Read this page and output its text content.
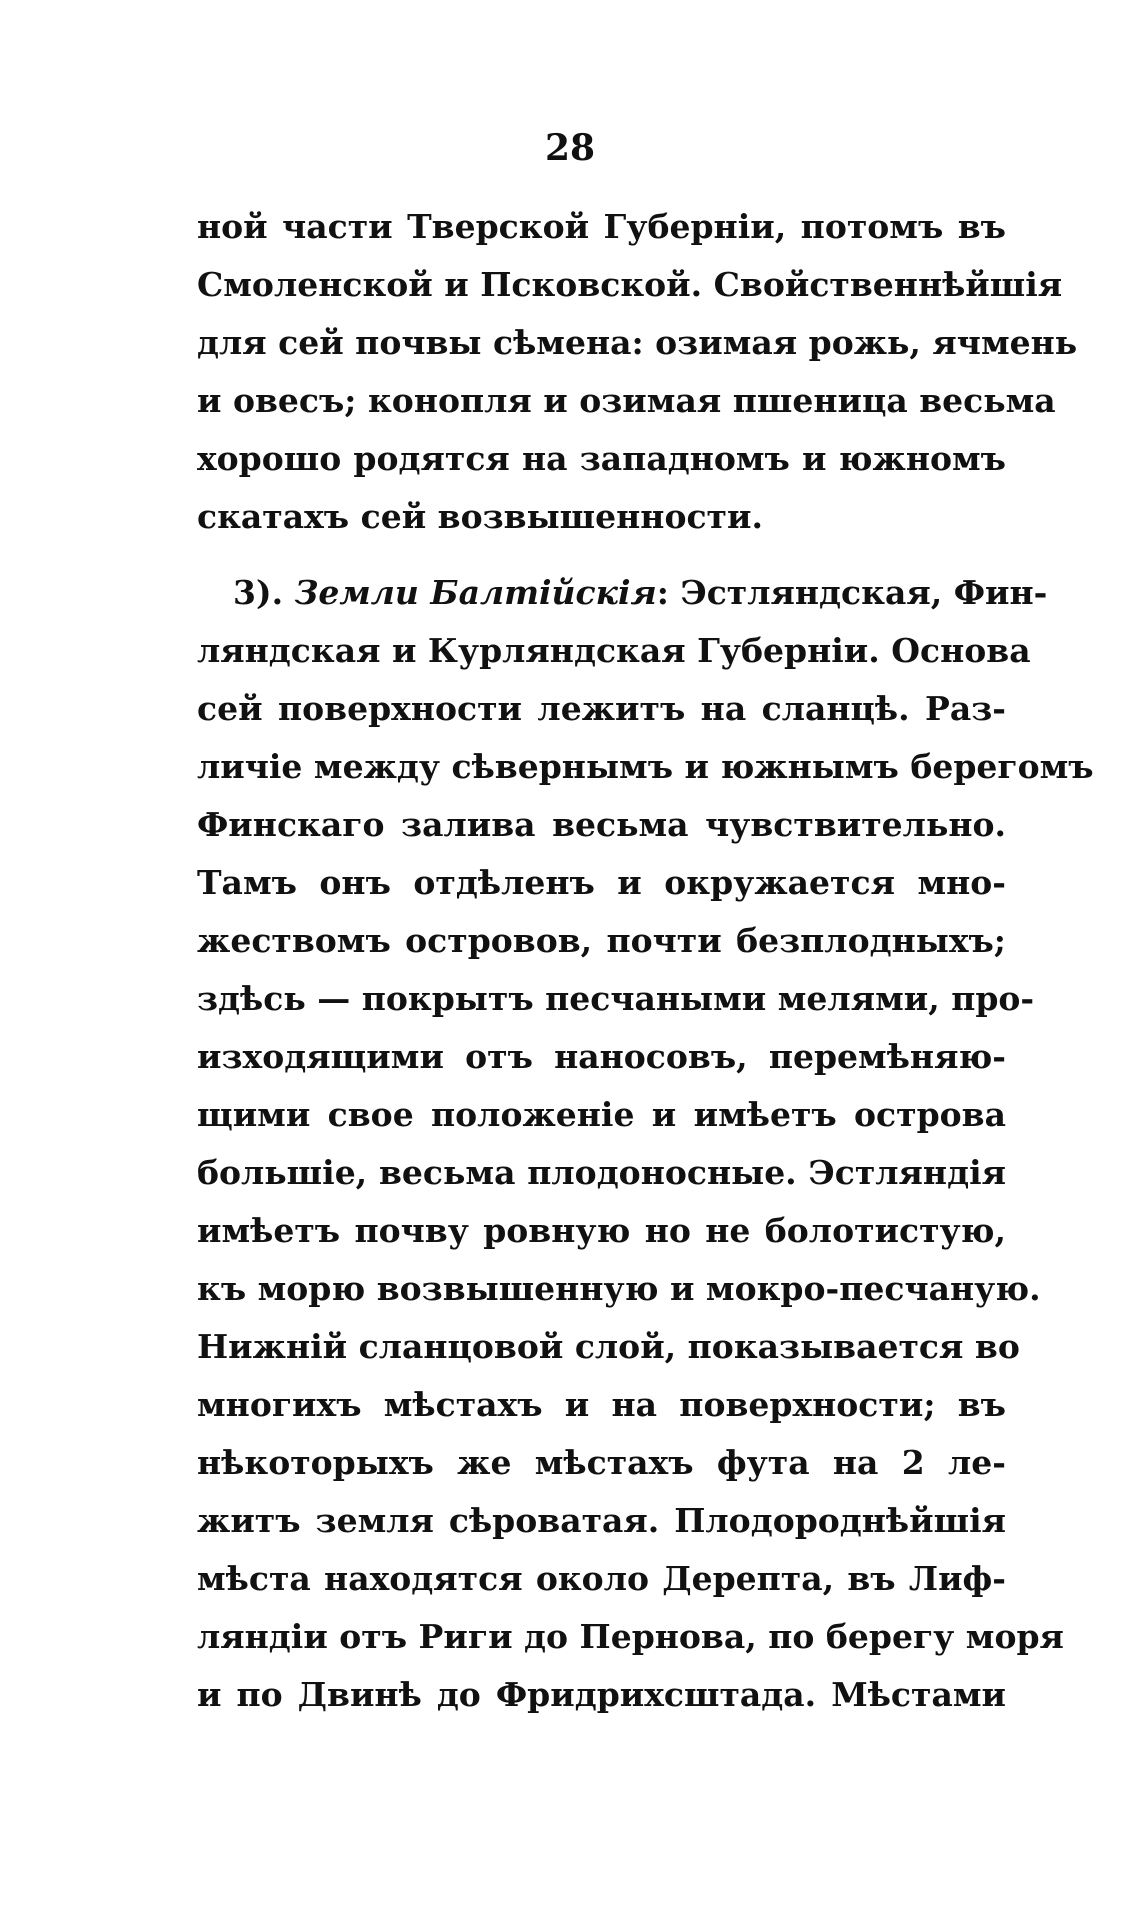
28
ной части Тверской Губерніи, потомъ въ
Смоленской и Псковской. Свойственнѣйшія
для сей почвы сѣмена: озимая рожь, ячмень
и овесъ; конопля и озимая пшеница весьма
хорошо родятся на западномъ и южномъ
скатахъ сей возвышенности.
3). Земли Балтійскія: Эстляндская, Фин-
ляндская и Курляндская Губерніи. Основа
сей поверхности лежитъ на сланцѣ. Раз-
личіе между сѣвернымъ и южнымъ берегомъ
Финскаго залива весьма чувствительно.
Тамъ онъ отдѣленъ и окружается мно-
жествомъ островов, почти безплодныхъ;
здѣсь — покрытъ песчаными мелями, про-
изходящими отъ наносовъ, перемѣняю-
щими свое положеніе и имѣетъ острова
большіе, весьма плодоносные. Эстляндія
имѣетъ почву ровную но не болотистую,
къ морю возвышенную и мокро-песчаную.
Нижній сланцовой слой, показывается во
многихъ мѣстахъ и на поверхности; въ
нѣкоторыхъ же мѣстахъ фута на 2 ле-
житъ земля сѣроватая. Плодороднѣйшія
мѣста находятся около Дерепта, въ Лиф-
ляндіи отъ Риги до Пернова, по берегу моря
и по Двинѣ до Фридрихсштада. Мѣстами
